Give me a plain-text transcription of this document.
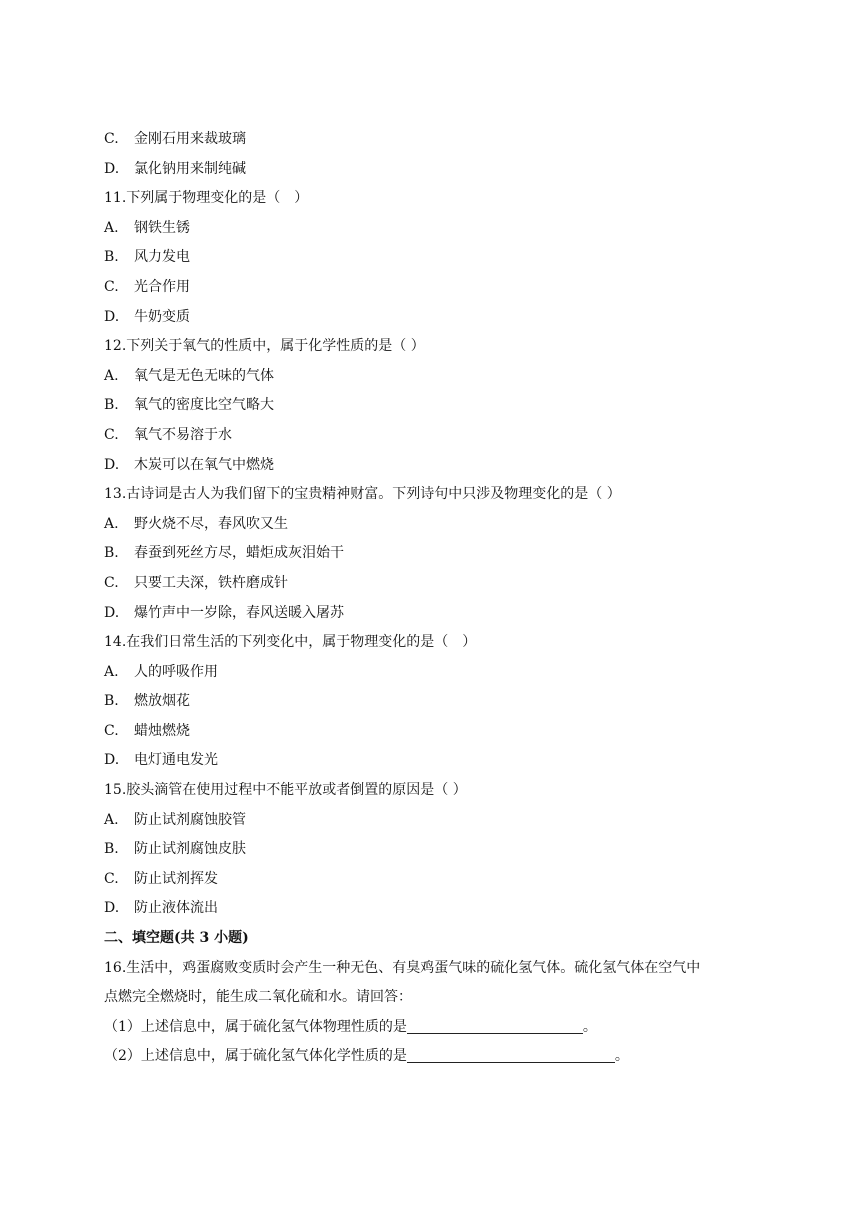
C. 金刚石用来裁玻璃
D. 氯化钠用来制纯碱
11.下列属于物理变化的是（　）
A. 钢铁生锈
B. 风力发电
C. 光合作用
D. 牛奶变质
12.下列关于氧气的性质中，属于化学性质的是（ ）
A. 氧气是无色无味的气体
B. 氧气的密度比空气略大
C. 氧气不易溶于水
D. 木炭可以在氧气中燃烧
13.古诗词是古人为我们留下的宝贵精神财富。下列诗句中只涉及物理变化的是（ ）
A. 野火烧不尽，春风吹又生
B. 春蚕到死丝方尽，蜡炬成灰泪始干
C. 只要工夫深，铁杵磨成针
D. 爆竹声中一岁除，春风送暖入屠苏
14.在我们日常生活的下列变化中，属于物理变化的是（　）
A. 人的呼吸作用
B. 燃放烟花
C. 蜡烛燃烧
D. 电灯通电发光
15.胶头滴管在使用过程中不能平放或者倒置的原因是（ ）
A. 防止试剂腐蚀胶管
B. 防止试剂腐蚀皮肤
C. 防止试剂挥发
D. 防止液体流出
二、填空题(共 3 小题)
16.生活中，鸡蛋腐败变质时会产生一种无色、有臭鸡蛋气味的硫化氢气体。硫化氢气体在空气中
点燃完全燃烧时，能生成二氧化硫和水。请回答：
（1）上述信息中，属于硫化氢气体物理性质的是	。
（2）上述信息中，属于硫化氢气体化学性质的是	。
